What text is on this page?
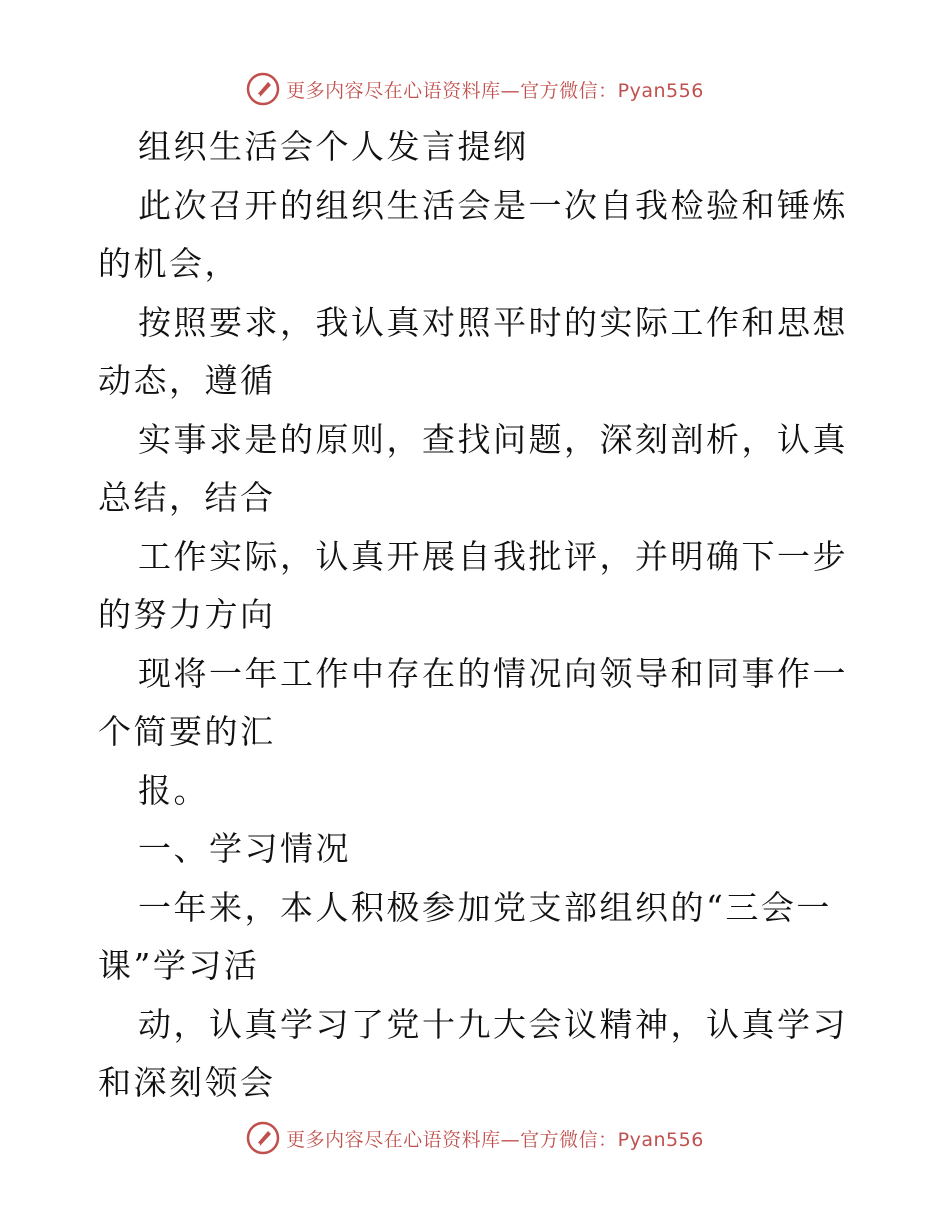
更多内容尽在心语资料库—官方微信：Pyan556

组织生活会个人发言提纲

此次召开的组织生活会是一次自我检验和锤炼的机会，

按照要求，我认真对照平时的实际工作和思想动态，遵循

实事求是的原则，查找问题，深刻剖析，认真总结，结合

工作实际，认真开展自我批评，并明确下一步的努力方向

现将一年工作中存在的情况向领导和同事作一个简要的汇

报。

一、学习情况

一年来，本人积极参加党支部组织的“三会一课”学习活

动，认真学习了党十九大会议精神，认真学习和深刻领会

更多内容尽在心语资料库—官方微信：Pyan556
